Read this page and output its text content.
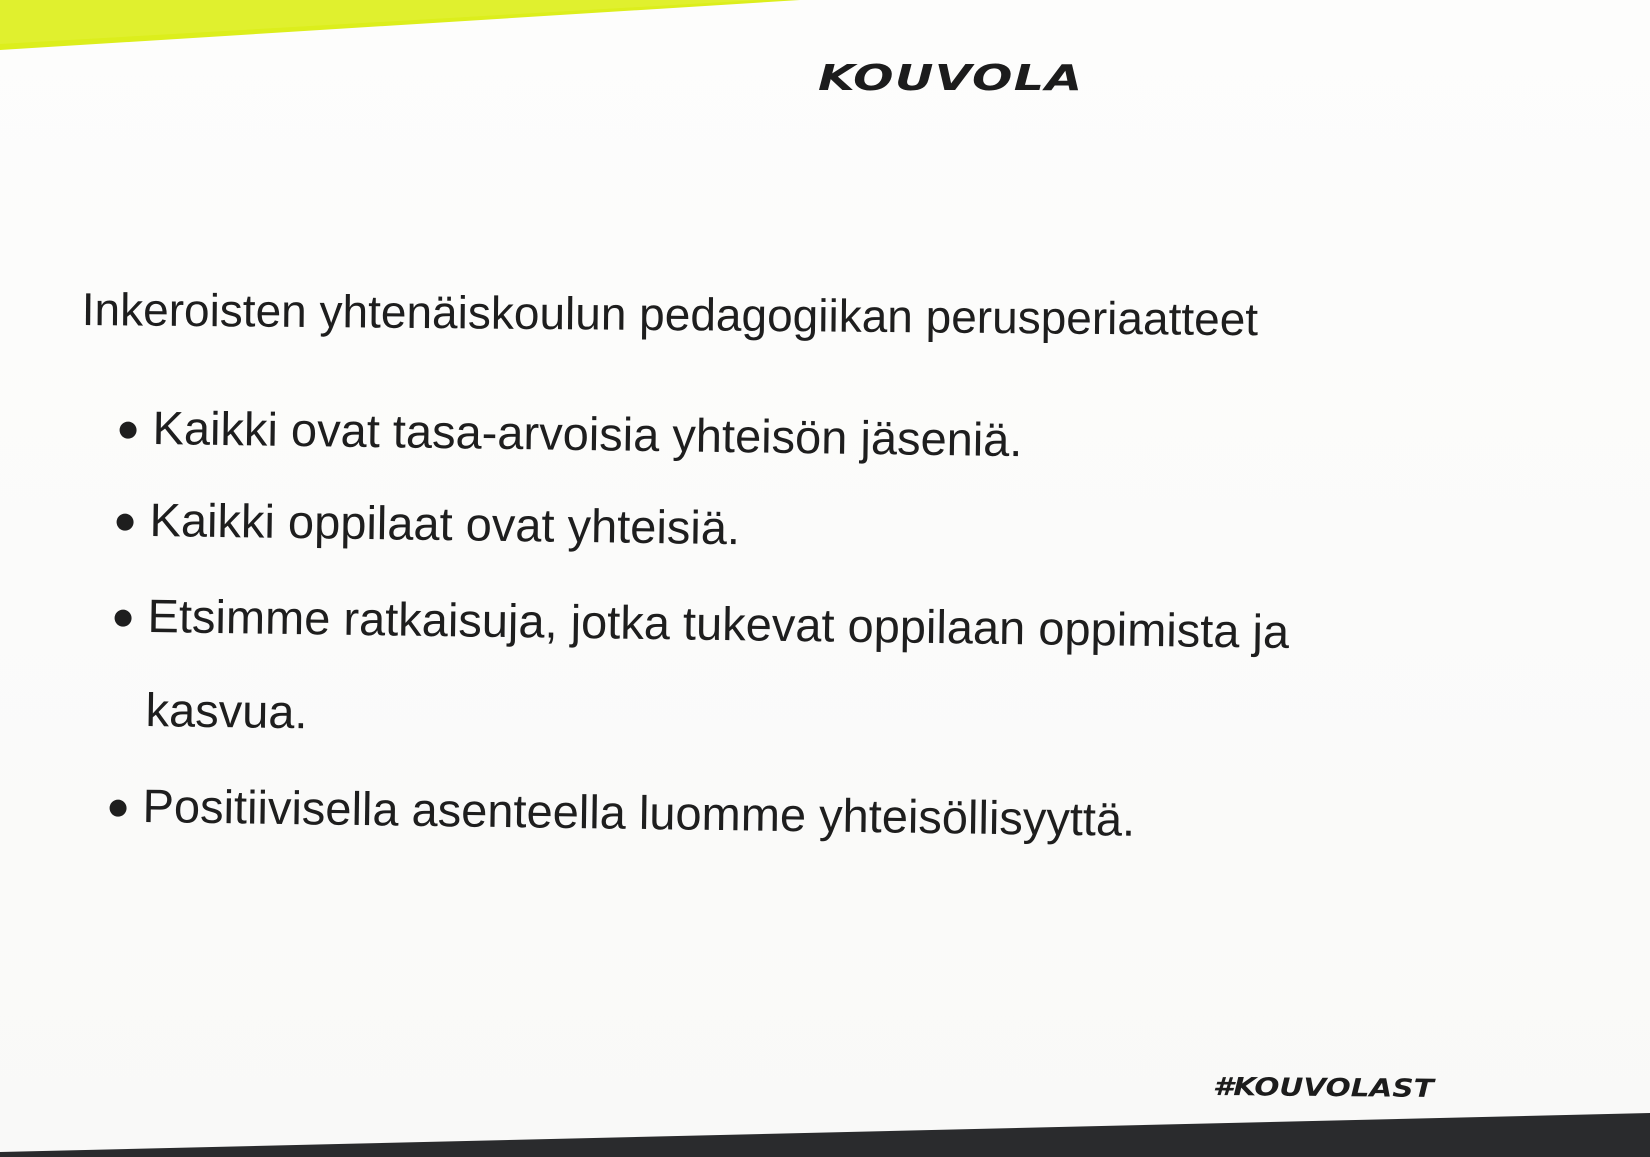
KOUVOLA
Inkeroisten yhtenäiskoulun pedagogiikan perusperiaatteet
Kaikki ovat tasa-arvoisia yhteisön jäseniä.
Kaikki oppilaat ovat yhteisiä.
Etsimme ratkaisuja, jotka tukevat oppilaan oppimista ja
kasvua.
Positiivisella asenteella luomme yhteisöllisyyttä.
#KOUVOLAST
